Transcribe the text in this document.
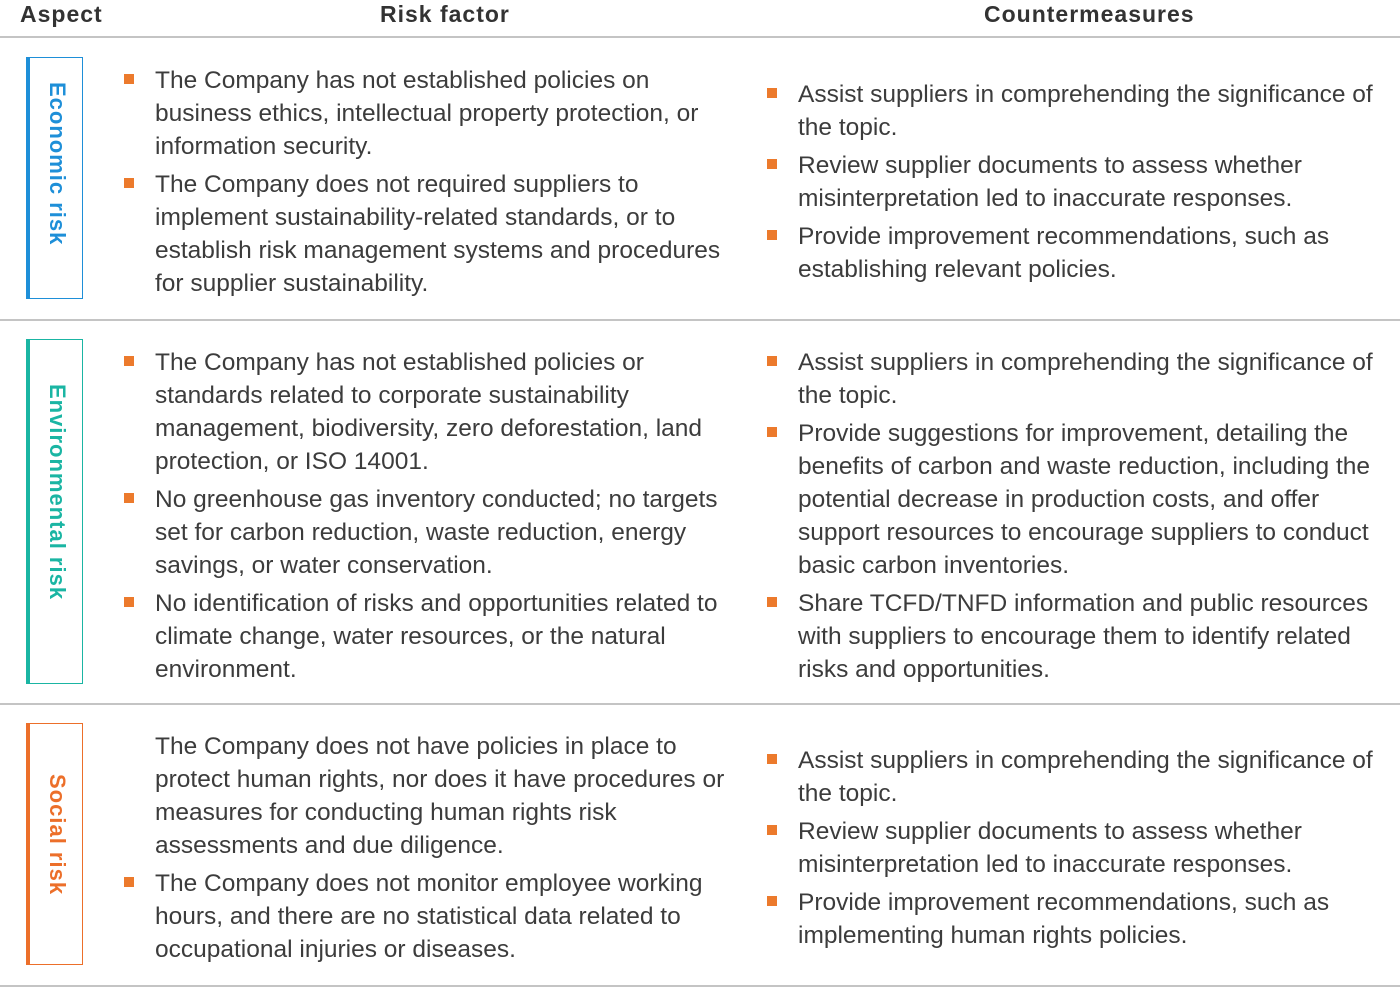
Aspect	Risk factor	Countermeasures
Economic risk
The Company has not established policies on business ethics, intellectual property protection, or information security.
The Company does not required suppliers to implement sustainability-related standards, or to establish risk management systems and procedures for supplier sustainability.
Assist suppliers in comprehending the significance of the topic.
Review supplier documents to assess whether misinterpretation led to inaccurate responses.
Provide improvement recommendations, such as establishing relevant policies.
Environmental risk
The Company has not established policies or standards related to corporate sustainability management, biodiversity, zero deforestation, land protection, or ISO 14001.
No greenhouse gas inventory conducted; no targets set for carbon reduction, waste reduction, energy savings, or water conservation.
No identification of risks and opportunities related to climate change, water resources, or the natural environment.
Assist suppliers in comprehending the significance of the topic.
Provide suggestions for improvement, detailing the benefits of carbon and waste reduction, including the potential decrease in production costs, and offer support resources to encourage suppliers to conduct basic carbon inventories.
Share TCFD/TNFD information and public resources with suppliers to encourage them to identify related risks and opportunities.
Social risk
The Company does not have policies in place to protect human rights, nor does it have procedures or measures for conducting human rights risk assessments and due diligence.
The Company does not monitor employee working hours, and there are no statistical data related to occupational injuries or diseases.
Assist suppliers in comprehending the significance of the topic.
Review supplier documents to assess whether misinterpretation led to inaccurate responses.
Provide improvement recommendations, such as implementing human rights policies.
